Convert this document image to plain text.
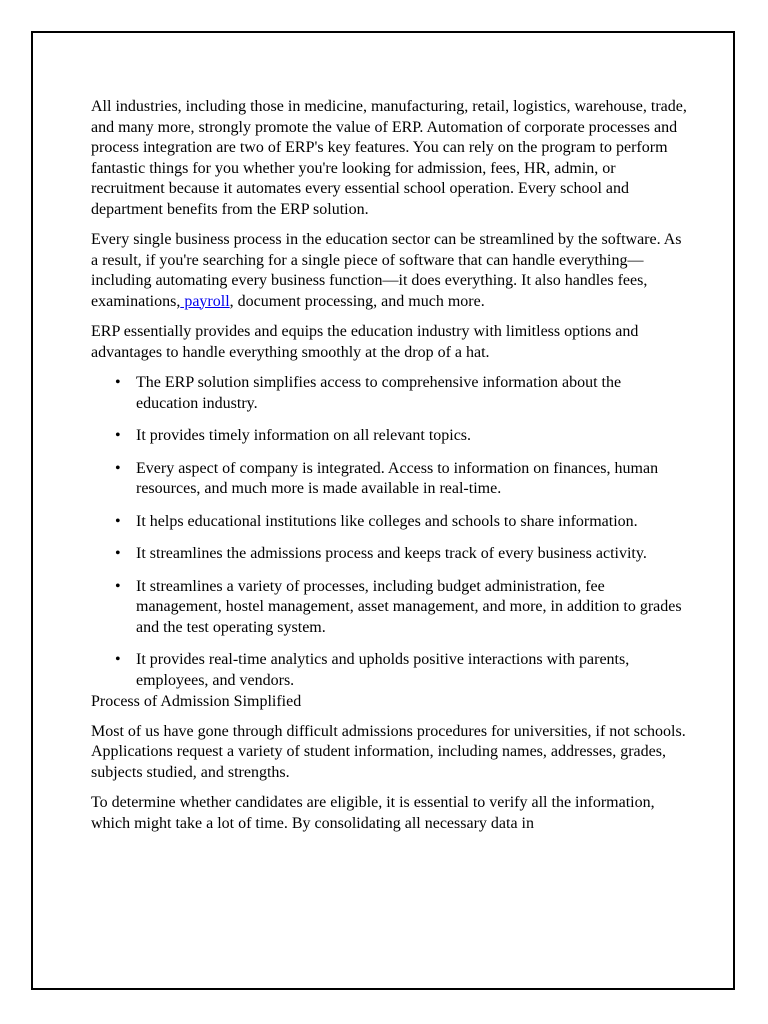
All industries, including those in medicine, manufacturing, retail, logistics, warehouse, trade, and many more, strongly promote the value of ERP. Automation of corporate processes and process integration are two of ERP's key features. You can rely on the program to perform fantastic things for you whether you're looking for admission, fees, HR, admin, or recruitment because it automates every essential school operation. Every school and department benefits from the ERP solution.

Every single business process in the education sector can be streamlined by the software. As a result, if you're searching for a single piece of software that can handle everything—including automating every business function—it does everything. It also handles fees, examinations, payroll, document processing, and much more.

ERP essentially provides and equips the education industry with limitless options and advantages to handle everything smoothly at the drop of a hat.

• The ERP solution simplifies access to comprehensive information about the education industry.
• It provides timely information on all relevant topics.
• Every aspect of company is integrated. Access to information on finances, human resources, and much more is made available in real-time.
• It helps educational institutions like colleges and schools to share information.
• It streamlines the admissions process and keeps track of every business activity.
• It streamlines a variety of processes, including budget administration, fee management, hostel management, asset management, and more, in addition to grades and the test operating system.
• It provides real-time analytics and upholds positive interactions with parents, employees, and vendors.
Process of Admission Simplified

Most of us have gone through difficult admissions procedures for universities, if not schools. Applications request a variety of student information, including names, addresses, grades, subjects studied, and strengths.

To determine whether candidates are eligible, it is essential to verify all the information, which might take a lot of time. By consolidating all necessary data in
